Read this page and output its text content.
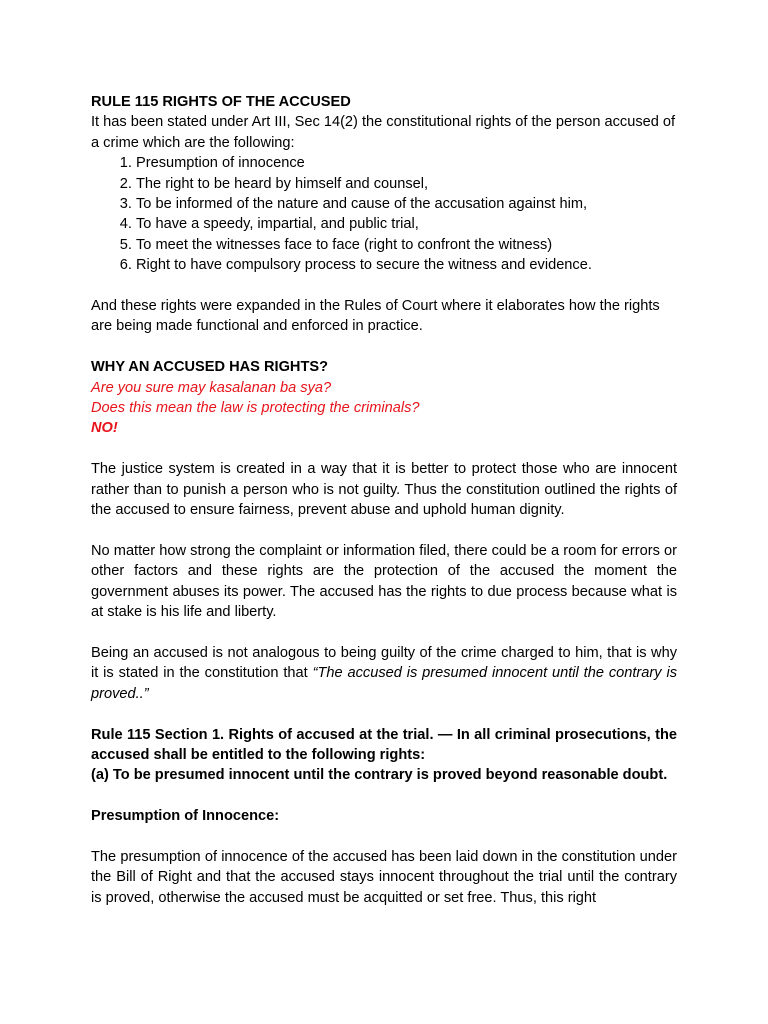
RULE 115 RIGHTS OF THE ACCUSED

It has been stated under Art III, Sec 14(2) the constitutional rights of the person accused of a crime which are the following:

1. Presumption of innocence
2. The right to be heard by himself and counsel,
3. To be informed of the nature and cause of the accusation against him,
4. To have a speedy, impartial, and public trial,
5. To meet the witnesses face to face (right to confront the witness)
6. Right to have compulsory process to secure the witness and evidence.

And these rights were expanded in the Rules of Court where it elaborates how the rights are being made functional and enforced in practice.

WHY AN ACCUSED HAS RIGHTS?

Are you sure may kasalanan ba sya?

Does this mean the law is protecting the criminals?

NO!

The justice system is created in a way that it is better to protect those who are innocent rather than to punish a person who is not guilty. Thus the constitution outlined the rights of the accused to ensure fairness, prevent abuse and uphold human dignity.

No matter how strong the complaint or information filed, there could be a room for errors or other factors and these rights are the protection of the accused the moment the government abuses its power. The accused has the rights to due process because what is at stake is his life and liberty.

Being an accused is not analogous to being guilty of the crime charged to him, that is why it is stated in the constitution that “The accused is presumed innocent until the contrary is proved..”

Rule 115 Section 1. Rights of accused at the trial. — In all criminal prosecutions, the accused shall be entitled to the following rights:

(a) To be presumed innocent until the contrary is proved beyond reasonable doubt.

Presumption of Innocence:

The presumption of innocence of the accused has been laid down in the constitution under the Bill of Right and that the accused stays innocent throughout the trial until the contrary is proved, otherwise the accused must be acquitted or set free. Thus, this right
